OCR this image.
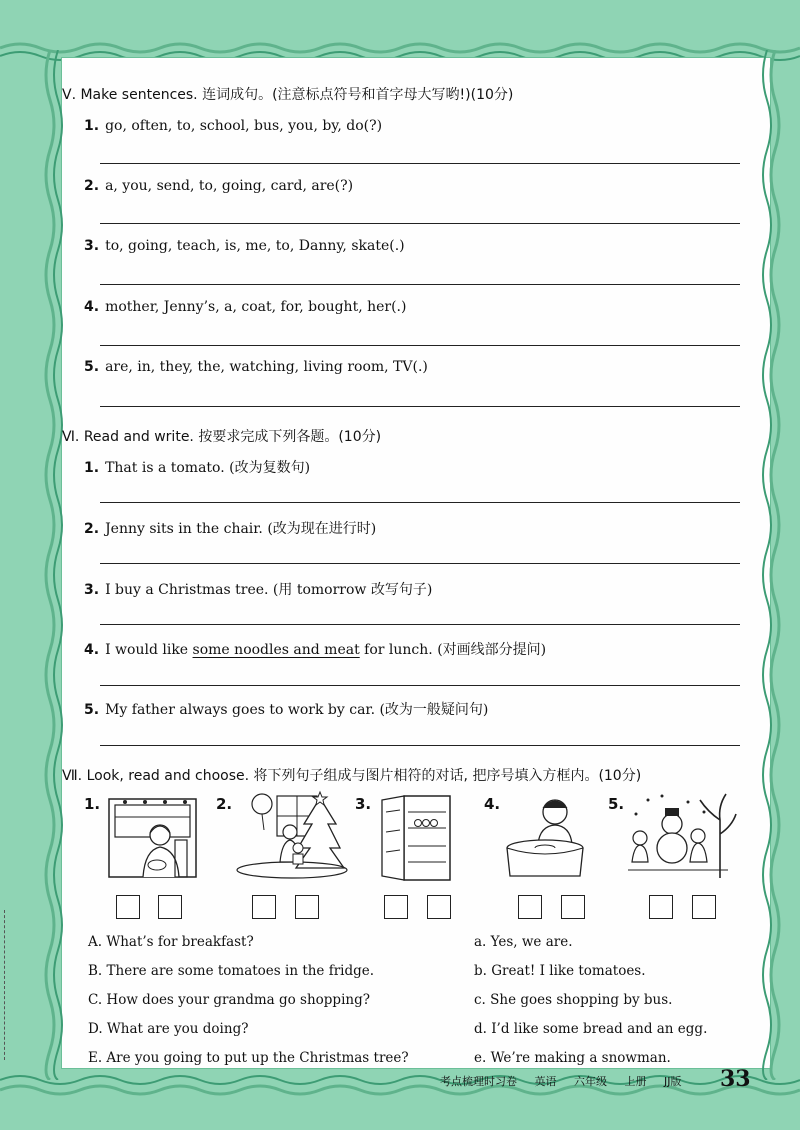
Ⅴ. Make sentences. 连词成句。(注意标点符号和首字母大写哟!)(10分)
1. go, often, to, school, bus, you, by, do(?)
2. a, you, send, to, going, card, are(?)
3. to, going, teach, is, me, to, Danny, skate(.)
4. mother, Jenny’s, a, coat, for, bought, her(.)
5. are, in, they, the, watching, living room, TV(.)
Ⅵ. Read and write. 按要求完成下列各题。(10分)
1. That is a tomato. (改为复数句)
2. Jenny sits in the chair. (改为现在进行时)
3. I buy a Christmas tree. (用 tomorrow 改写句子)
4. I would like some noodles and meat for lunch. (对画线部分提问)
5. My father always goes to work by car. (改为一般疑问句)
Ⅶ. Look, read and choose. 将下列句子组成与图片相符的对话, 把序号填入方框内。(10分)
1.	2.	3.	4.	5.
A. What’s for breakfast?
B. There are some tomatoes in the fridge.
C. How does your grandma go shopping?
D. What are you doing?
E. Are you going to put up the Christmas tree?
a. Yes, we are.
b. Great! I like tomatoes.
c. She goes shopping by bus.
d. I’d like some bread and an egg.
e. We’re making a snowman.
考点梳理时习卷 英语 六年级 上册 JJ版	33
